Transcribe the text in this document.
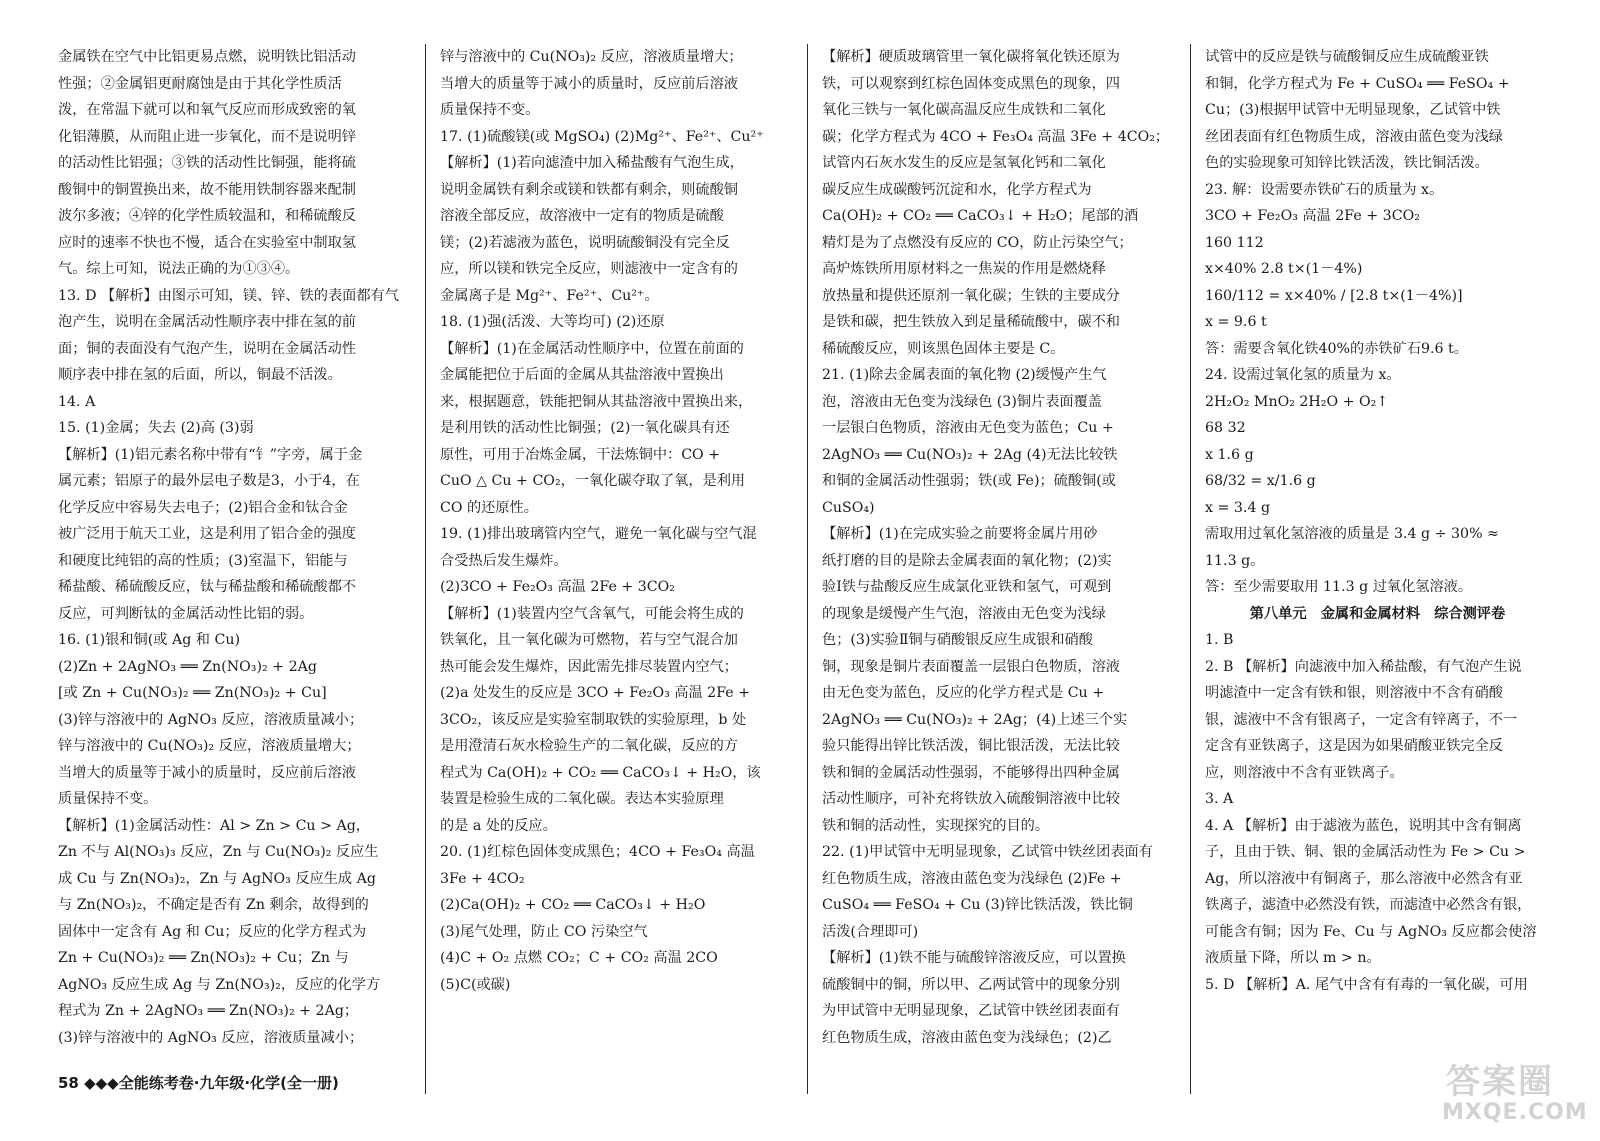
金属铁在空气中比铝更易点燃，说明铁比铝活动
性强；②金属铝更耐腐蚀是由于其化学性质活
泼，在常温下就可以和氧气反应而形成致密的氧
化铝薄膜，从而阻止进一步氧化，而不是说明锌
的活动性比铝强；③铁的活动性比铜强，能将硫
酸铜中的铜置换出来，故不能用铁制容器来配制
波尔多液；④锌的化学性质较温和，和稀硫酸反
应时的速率不快也不慢，适合在实验室中制取氢
气。综上可知，说法正确的为①③④。
13. D 【解析】由图示可知，镁、锌、铁的表面都有气
泡产生，说明在金属活动性顺序表中排在氢的前
面；铜的表面没有气泡产生，说明在金属活动性
顺序表中排在氢的后面，所以，铜最不活泼。
14. A
15. (1)金属；失去 (2)高 (3)弱
【解析】(1)铝元素名称中带有“钅”字旁，属于金
属元素；铝原子的最外层电子数是3，小于4，在
化学反应中容易失去电子；(2)铝合金和钛合金
被广泛用于航天工业，这是利用了铝合金的强度
和硬度比纯铝的高的性质；(3)室温下，铝能与
稀盐酸、稀硫酸反应，钛与稀盐酸和稀硫酸都不
反应，可判断钛的金属活动性比铝的弱。
16. (1)银和铜(或 Ag 和 Cu)
(2)Zn + 2AgNO₃ ══ Zn(NO₃)₂ + 2Ag
[或 Zn + Cu(NO₃)₂ ══ Zn(NO₃)₂ + Cu]
(3)锌与溶液中的 AgNO₃ 反应，溶液质量减小；
锌与溶液中的 Cu(NO₃)₂ 反应，溶液质量增大；
当增大的质量等于减小的质量时，反应前后溶液
质量保持不变。
【解析】(1)金属活动性：Al > Zn > Cu > Ag，
Zn 不与 Al(NO₃)₃ 反应，Zn 与 Cu(NO₃)₂ 反应生
成 Cu 与 Zn(NO₃)₂，Zn 与 AgNO₃ 反应生成 Ag
与 Zn(NO₃)₂，不确定是否有 Zn 剩余，故得到的
固体中一定含有 Ag 和 Cu；反应的化学方程式为
Zn + Cu(NO₃)₂ ══ Zn(NO₃)₂ + Cu；Zn 与
AgNO₃ 反应生成 Ag 与 Zn(NO₃)₂，反应的化学方
程式为 Zn + 2AgNO₃ ══ Zn(NO₃)₂ + 2Ag；
(3)锌与溶液中的 AgNO₃ 反应，溶液质量减小；
锌与溶液中的 Cu(NO₃)₂ 反应，溶液质量增大；
当增大的质量等于减小的质量时，反应前后溶液
质量保持不变。
17. (1)硫酸镁(或 MgSO₄) (2)Mg²⁺、Fe²⁺、Cu²⁺
【解析】(1)若向滤渣中加入稀盐酸有气泡生成，
说明金属铁有剩余或镁和铁都有剩余，则硫酸铜
溶液全部反应，故溶液中一定有的物质是硫酸
镁；(2)若滤液为蓝色，说明硫酸铜没有完全反
应，所以镁和铁完全反应，则滤液中一定含有的
金属离子是 Mg²⁺、Fe²⁺、Cu²⁺。
18. (1)强(活泼、大等均可) (2)还原
【解析】(1)在金属活动性顺序中，位置在前面的
金属能把位于后面的金属从其盐溶液中置换出
来，根据题意，铁能把铜从其盐溶液中置换出来，
是利用铁的活动性比铜强；(2)一氧化碳具有还
原性，可用于冶炼金属，干法炼铜中：CO +
CuO △ Cu + CO₂，一氧化碳夺取了氧，是利用
CO 的还原性。
19. (1)排出玻璃管内空气，避免一氧化碳与空气混
合受热后发生爆炸。
(2)3CO + Fe₂O₃ 高温 2Fe + 3CO₂
【解析】(1)装置内空气含氧气，可能会将生成的
铁氧化，且一氧化碳为可燃物，若与空气混合加
热可能会发生爆炸，因此需先排尽装置内空气；
(2)a 处发生的反应是 3CO + Fe₂O₃ 高温 2Fe +
3CO₂，该反应是实验室制取铁的实验原理，b 处
是用澄清石灰水检验生产的二氧化碳，反应的方
程式为 Ca(OH)₂ + CO₂ ══ CaCO₃↓ + H₂O，该
装置是检验生成的二氧化碳。表达本实验原理
的是 a 处的反应。
20. (1)红棕色固体变成黑色；4CO + Fe₃O₄ 高温
3Fe + 4CO₂
(2)Ca(OH)₂ + CO₂ ══ CaCO₃↓ + H₂O
(3)尾气处理，防止 CO 污染空气
(4)C + O₂ 点燃 CO₂；C + CO₂ 高温 2CO
(5)C(或碳)
【解析】硬质玻璃管里一氧化碳将氧化铁还原为
铁，可以观察到红棕色固体变成黑色的现象，四
氧化三铁与一氧化碳高温反应生成铁和二氧化
碳；化学方程式为 4CO + Fe₃O₄ 高温 3Fe + 4CO₂；
试管内石灰水发生的反应是氢氧化钙和二氧化
碳反应生成碳酸钙沉淀和水，化学方程式为
Ca(OH)₂ + CO₂ ══ CaCO₃↓ + H₂O；尾部的酒
精灯是为了点燃没有反应的 CO，防止污染空气；
高炉炼铁所用原材料之一焦炭的作用是燃烧释
放热量和提供还原剂一氧化碳；生铁的主要成分
是铁和碳，把生铁放入到足量稀硫酸中，碳不和
稀硫酸反应，则该黑色固体主要是 C。
21. (1)除去金属表面的氧化物 (2)缓慢产生气
泡，溶液由无色变为浅绿色 (3)铜片表面覆盖
一层银白色物质，溶液由无色变为蓝色；Cu +
2AgNO₃ ══ Cu(NO₃)₂ + 2Ag (4)无法比较铁
和铜的金属活动性强弱；铁(或 Fe)；硫酸铜(或
CuSO₄)
【解析】(1)在完成实验之前要将金属片用砂
纸打磨的目的是除去金属表面的氧化物；(2)实
验Ⅰ铁与盐酸反应生成氯化亚铁和氢气，可观到
的现象是缓慢产生气泡，溶液由无色变为浅绿
色；(3)实验Ⅱ铜与硝酸银反应生成银和硝酸
铜，现象是铜片表面覆盖一层银白色物质，溶液
由无色变为蓝色，反应的化学方程式是 Cu +
2AgNO₃ ══ Cu(NO₃)₂ + 2Ag；(4)上述三个实
验只能得出锌比铁活泼，铜比银活泼，无法比较
铁和铜的金属活动性强弱，不能够得出四种金属
活动性顺序，可补充将铁放入硫酸铜溶液中比较
铁和铜的活动性，实现探究的目的。
22. (1)甲试管中无明显现象，乙试管中铁丝团表面有
红色物质生成，溶液由蓝色变为浅绿色 (2)Fe +
CuSO₄ ══ FeSO₄ + Cu (3)锌比铁活泼，铁比铜
活泼(合理即可)
【解析】(1)铁不能与硫酸锌溶液反应，可以置换
硫酸铜中的铜，所以甲、乙两试管中的现象分别
为甲试管中无明显现象，乙试管中铁丝团表面有
红色物质生成，溶液由蓝色变为浅绿色；(2)乙
试管中的反应是铁与硫酸铜反应生成硫酸亚铁
和铜，化学方程式为 Fe + CuSO₄ ══ FeSO₄ +
Cu；(3)根据甲试管中无明显现象，乙试管中铁
丝团表面有红色物质生成，溶液由蓝色变为浅绿
色的实验现象可知锌比铁活泼，铁比铜活泼。
23. 解：设需要赤铁矿石的质量为 x。
3CO + Fe₂O₃ 高温 2Fe + 3CO₂
160 112
x×40% 2.8 t×(1－4%)
160/112 = x×40% / [2.8 t×(1－4%)]
x = 9.6 t
答：需要含氧化铁40%的赤铁矿石9.6 t。
24. 设需过氧化氢的质量为 x。
2H₂O₂ MnO₂ 2H₂O + O₂↑
68 32
x 1.6 g
68/32 = x/1.6 g
x = 3.4 g
需取用过氧化氢溶液的质量是 3.4 g ÷ 30% ≈
11.3 g。
答：至少需要取用 11.3 g 过氧化氢溶液。
第八单元　金属和金属材料　综合测评卷
1. B
2. B 【解析】向滤液中加入稀盐酸，有气泡产生说
明滤渣中一定含有铁和银，则溶液中不含有硝酸
银，滤液中不含有银离子，一定含有锌离子，不一
定含有亚铁离子，这是因为如果硝酸亚铁完全反
应，则溶液中不含有亚铁离子。
3. A
4. A 【解析】由于滤液为蓝色，说明其中含有铜离
子，且由于铁、铜、银的金属活动性为 Fe > Cu >
Ag，所以溶液中有铜离子，那么溶液中必然含有亚
铁离子，滤渣中必然没有铁，而滤渣中必然含有银，
可能含有铜；因为 Fe、Cu 与 AgNO₃ 反应都会使溶
液质量下降，所以 m > n。
5. D 【解析】A. 尾气中含有有毒的一氧化碳，可用
58 ◆◆◆全能练考卷·九年级·化学(全一册)	答案圈
MXQE.COM
